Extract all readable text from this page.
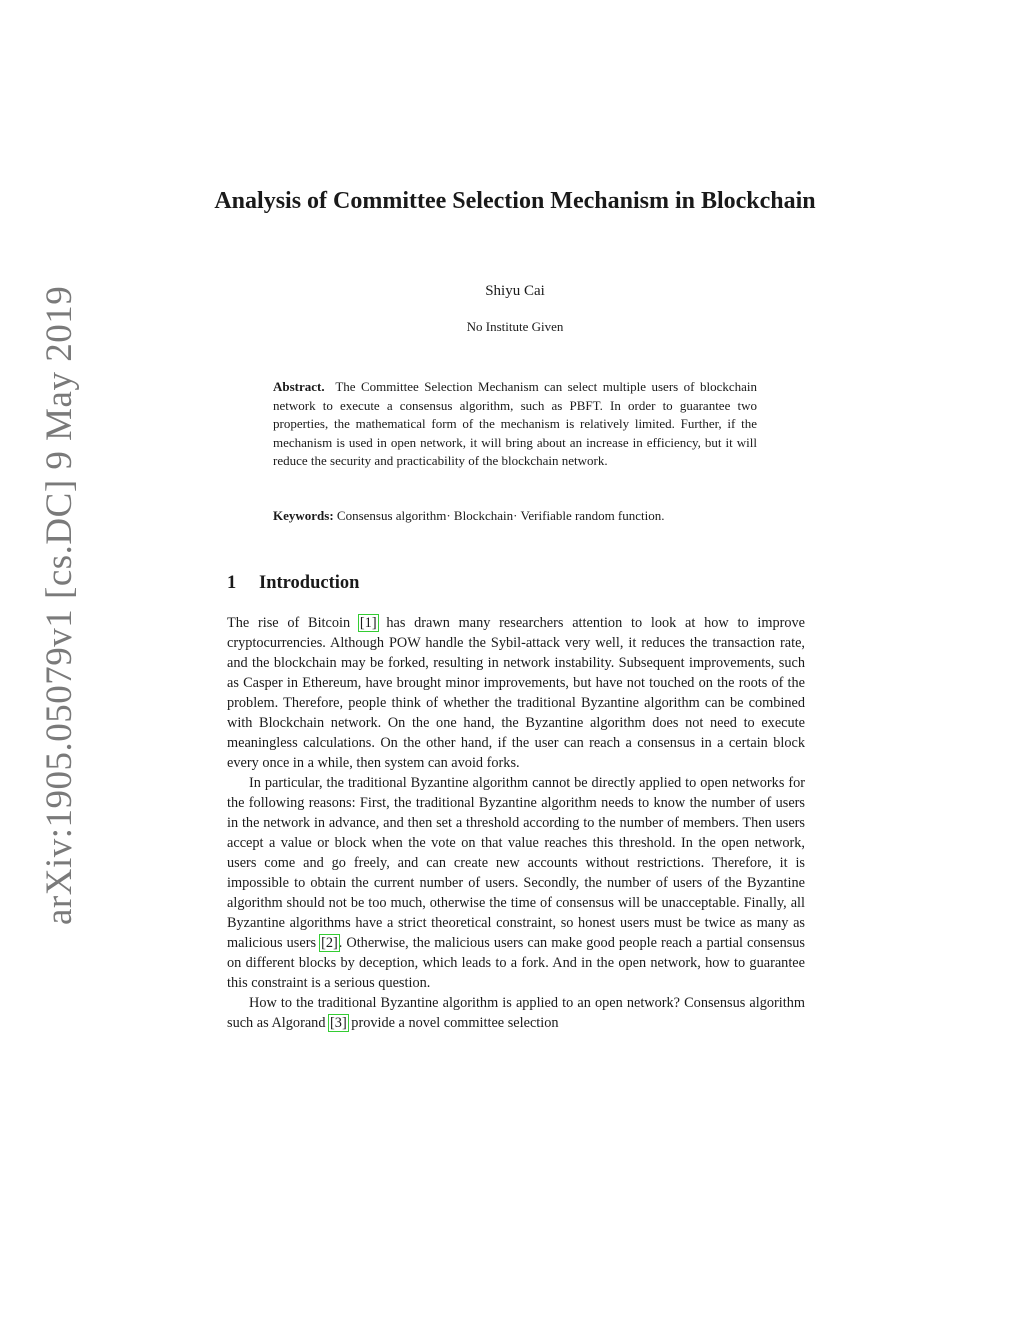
arXiv:1905.05079v1 [cs.DC] 9 May 2019
Analysis of Committee Selection Mechanism in Blockchain
Shiyu Cai
No Institute Given
Abstract. The Committee Selection Mechanism can select multiple users of blockchain network to execute a consensus algorithm, such as PBFT. In order to guarantee two properties, the mathematical form of the mechanism is relatively limited. Further, if the mechanism is used in open network, it will bring about an increase in efficiency, but it will reduce the security and practicability of the blockchain network.
Keywords: Consensus algorithm· Blockchain· Verifiable random function.
1 Introduction

The rise of Bitcoin [1] has drawn many researchers attention to look at how to improve cryptocurrencies. Although POW handle the Sybil-attack very well, it reduces the transaction rate, and the blockchain may be forked, resulting in network instability. Subsequent improvements, such as Casper in Ethereum, have brought minor improvements, but have not touched on the roots of the problem. Therefore, people think of whether the traditional Byzantine algorithm can be combined with Blockchain network. On the one hand, the Byzantine algorithm does not need to execute meaningless calculations. On the other hand, if the user can reach a consensus in a certain block every once in a while, then system can avoid forks.

In particular, the traditional Byzantine algorithm cannot be directly applied to open networks for the following reasons: First, the traditional Byzantine algorithm needs to know the number of users in the network in advance, and then set a threshold according to the number of members. Then users accept a value or block when the vote on that value reaches this threshold. In the open network, users come and go freely, and can create new accounts without restrictions. Therefore, it is impossible to obtain the current number of users. Secondly, the number of users of the Byzantine algorithm should not be too much, otherwise the time of consensus will be unacceptable. Finally, all Byzantine algorithms have a strict theoretical constraint, so honest users must be twice as many as malicious users [2]. Otherwise, the malicious users can make good people reach a partial consensus on different blocks by deception, which leads to a fork. And in the open network, how to guarantee this constraint is a serious question.

How to the traditional Byzantine algorithm is applied to an open network? Consensus algorithm such as Algorand [3] provide a novel committee selection
